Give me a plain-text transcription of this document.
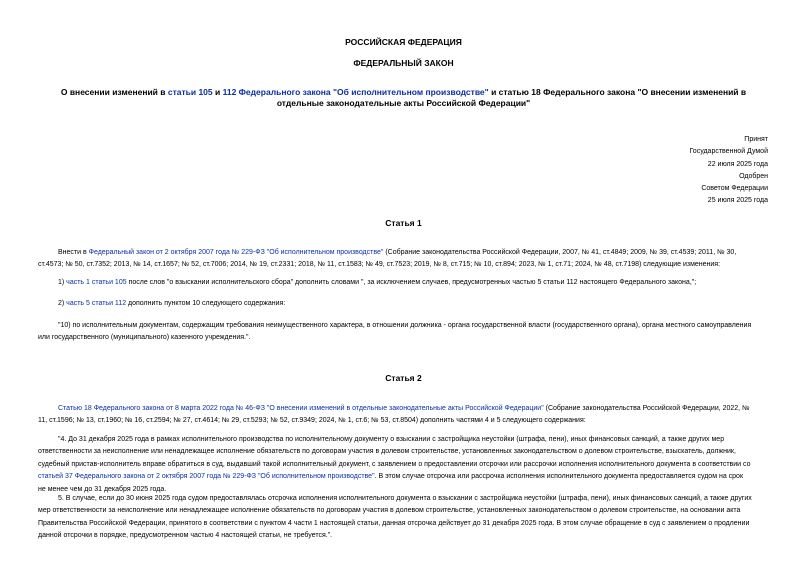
РОССИЙСКАЯ ФЕДЕРАЦИЯ
ФЕДЕРАЛЬНЫЙ ЗАКОН
О внесении изменений в статьи 105 и 112 Федерального закона "Об исполнительном производстве" и статью 18 Федерального закона "О внесении изменений в
отдельные законодательные акты Российской Федерации"
Принят
Государственной Думой
22 июля 2025 года
Одобрен
Советом Федерации
25 июля 2025 года
Статья 1
Внести в Федеральный закон от 2 октября 2007 года № 229-ФЗ "Об исполнительном производстве" (Собрание законодательства Российской Федерации, 2007, № 41, ст.4849; 2009, № 39, ст.4539; 2011, № 30,
ст.4573; № 50, ст.7352; 2013, № 14, ст.1657; № 52, ст.7006; 2014, № 19, ст.2331; 2018, № 11, ст.1583; № 49, ст.7523; 2019, № 8, ст.715; № 10, ст.894; 2023, № 1, ст.71; 2024, № 48, ст.7198) следующие изменения:
1) часть 1 статьи 105 после слов "о взыскании исполнительского сбора" дополнить словами ", за исключением случаев, предусмотренных частью 5 статьи 112 настоящего Федерального закона,";
2) часть 5 статьи 112 дополнить пунктом 10 следующего содержания:
"10) по исполнительным документам, содержащим требования неимущественного характера, в отношении должника - органа государственной власти (государственного органа), органа местного самоуправления
или государственного (муниципального) казенного учреждения.".
Статья 2
Статью 18 Федерального закона от 8 марта 2022 года № 46-ФЗ "О внесении изменений в отдельные законодательные акты Российской Федерации" (Собрание законодательства Российской Федерации, 2022, №
11, ст.1596; № 13, ст.1960; № 16, ст.2594; № 27, ст.4614; № 29, ст.5293; № 52, ст.9349; 2024, № 1, ст.6; № 53, ст.8504) дополнить частями 4 и 5 следующего содержания:
"4. До 31 декабря 2025 года в рамках исполнительного производства по исполнительному документу о взыскании с застройщика неустойки (штрафа, пени), иных финансовых санкций, а также других мер
ответственности за неисполнение или ненадлежащее исполнение обязательств по договорам участия в долевом строительстве, установленных законодательством о долевом строительстве, взыскатель, должник,
судебный пристав-исполнитель вправе обратиться в суд, выдавший такой исполнительный документ, с заявлением о предоставлении отсрочки или рассрочки исполнения исполнительного документа в соответствии со
статьей 37 Федерального закона от 2 октября 2007 года № 229-ФЗ "Об исполнительном производстве". В этом случае отсрочка или рассрочка исполнения исполнительного документа предоставляется судом на срок
не менее чем до 31 декабря 2025 года.
5. В случае, если до 30 июня 2025 года судом предоставлялась отсрочка исполнения исполнительного документа о взыскании с застройщика неустойки (штрафа, пени), иных финансовых санкций, а также других
мер ответственности за неисполнение или ненадлежащее исполнение обязательств по договорам участия в долевом строительстве, установленных законодательством о долевом строительстве, на основании акта
Правительства Российской Федерации, принятого в соответствии с пунктом 4 части 1 настоящей статьи, данная отсрочка действует до 31 декабря 2025 года. В этом случае обращение в суд с заявлением о продлении
данной отсрочки в порядке, предусмотренном частью 4 настоящей статьи, не требуется.".
